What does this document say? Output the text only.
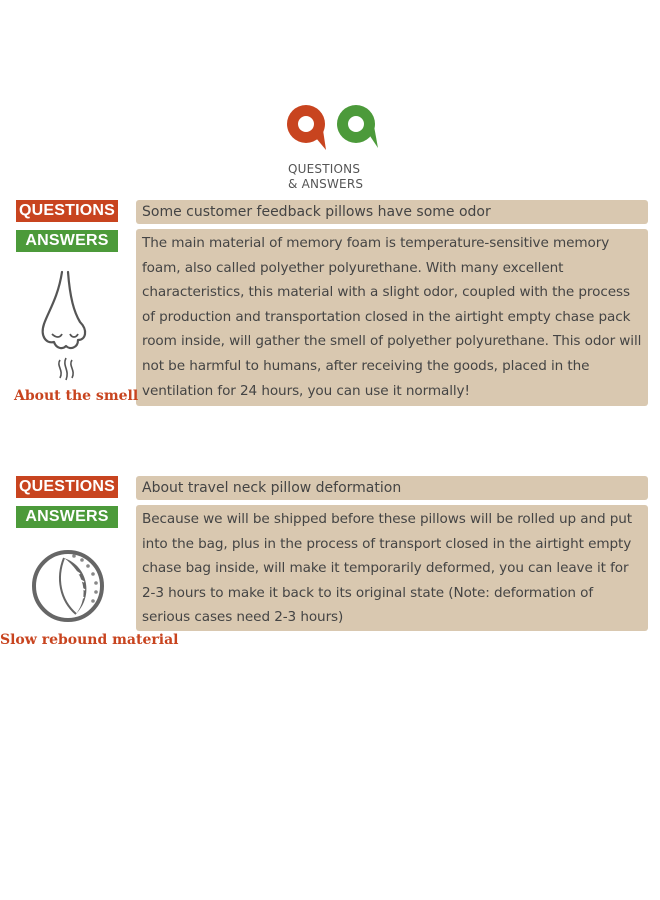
QUESTIONS
& ANSWERS
QUESTIONS	Some customer feedback pillows have some odor
ANSWERS	The main material of memory foam is temperature-sensitive memory foam, also called polyether polyurethane. With many excellent characteristics, this material with a slight odor, coupled with the process of production and transportation closed in the airtight empty chase pack room inside, will gather the smell of polyether polyurethane. This odor will not be harmful to humans, after receiving the goods, placed in the ventilation for 24 hours, you can use it normally!
About the smell
QUESTIONS	About travel neck pillow deformation
ANSWERS	Because we will be shipped before these pillows will be rolled up and put into the bag, plus in the process of transport closed in the airtight empty chase bag inside, will make it temporarily deformed, you can leave it for 2-3 hours to make it back to its original state (Note: deformation of serious cases need 2-3 hours)
Slow rebound material
